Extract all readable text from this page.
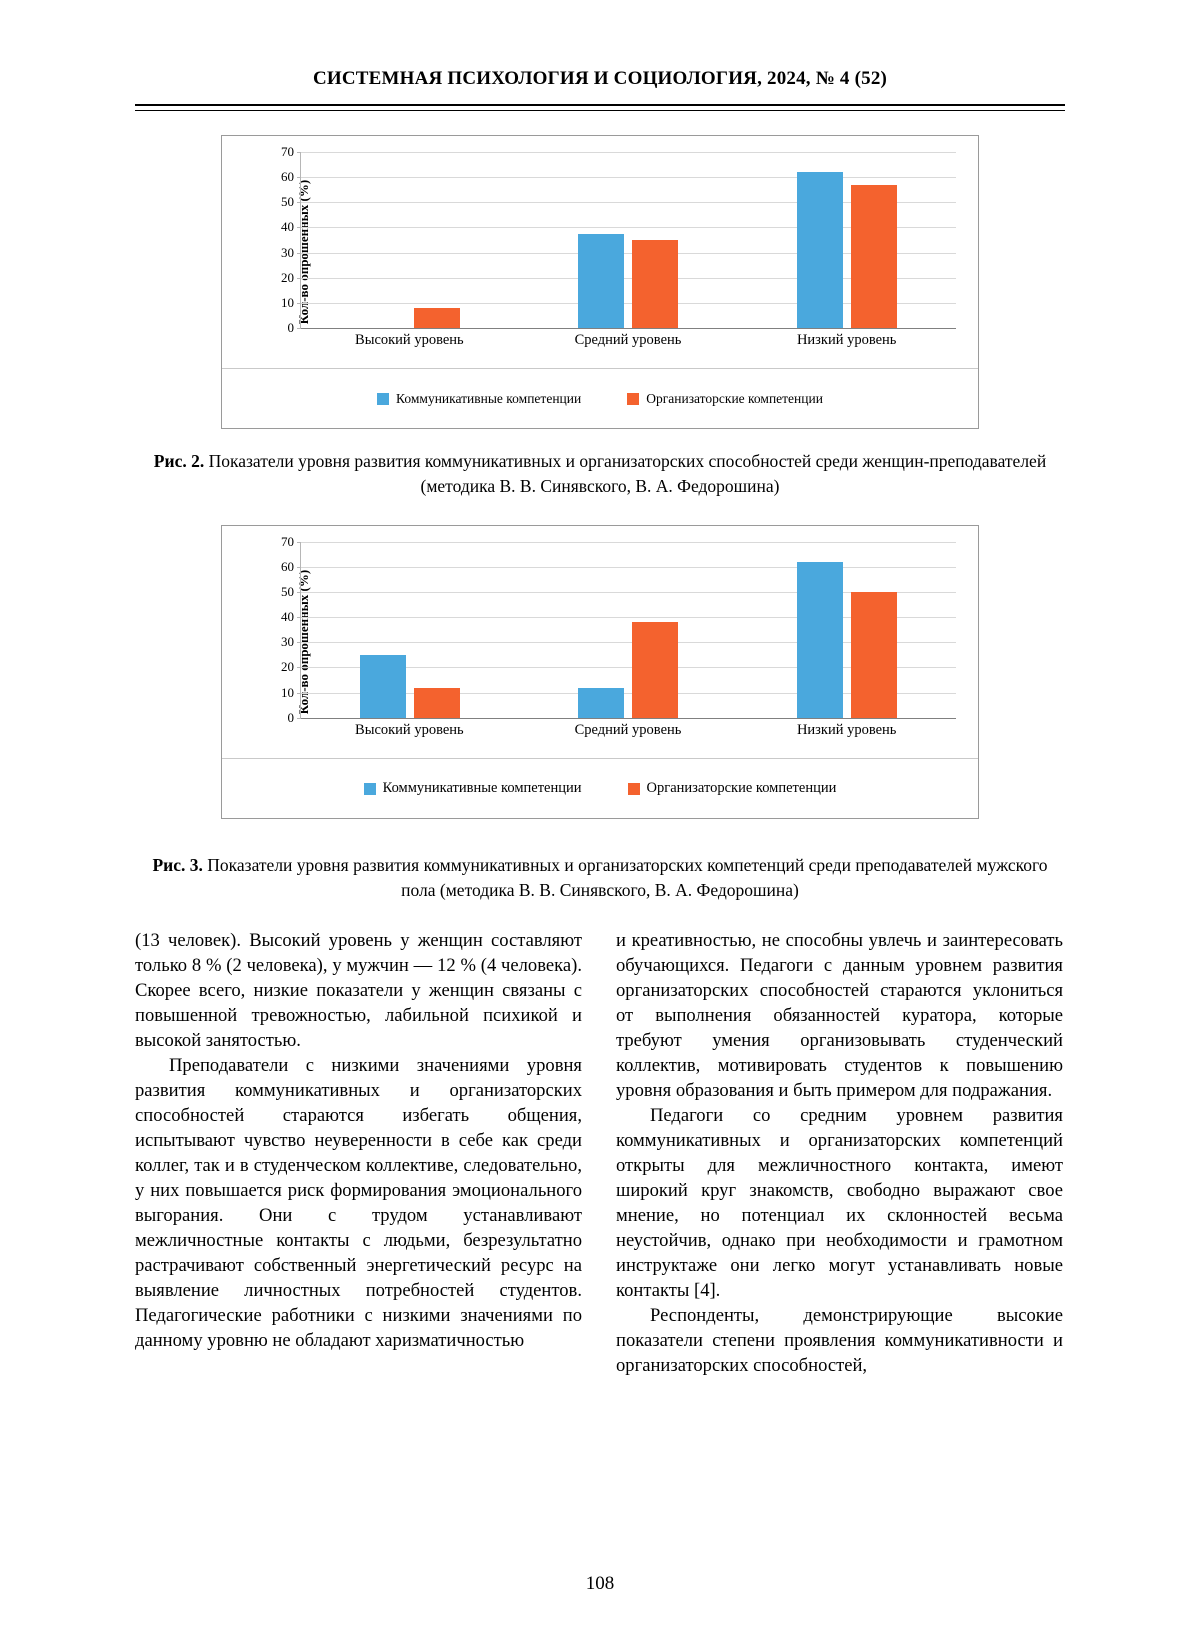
СИСТЕМНАЯ ПСИХОЛОГИЯ И СОЦИОЛОГИЯ, 2024, № 4 (52)
Кол-во опрошенных (%)
0
10
20
30
40
50
60
70
Высокий уровень	Средний уровень	Низкий уровень
Коммуникативные компетенции	Организаторские компетенции
Рис. 2. Показатели уровня развития коммуникативных и организаторских способностей среди женщин-преподавателей (методика В. В. Синявского, В. А. Федорошина)
Кол-во опрошенных (%)
0
10
20
30
40
50
60
70
Высокий уровень	Средний уровень	Низкий уровень
Коммуникативные компетенции	Организаторские компетенции
Рис. 3. Показатели уровня развития коммуникативных и организаторских компетенций среди преподавателей мужского пола (методика В. В. Синявского, В. А. Федорошина)

(13 человек). Высокий уровень у женщин составляют только 8 % (2 человека), у мужчин — 12 % (4 человека). Скорее всего, низкие показатели у женщин связаны с повышенной тревожностью, лабильной психикой и высокой занятостью.

Преподаватели с низкими значениями уровня развития коммуникативных и организаторских способностей стараются избегать общения, испытывают чувство неуверенности в себе как среди коллег, так и в студенческом коллективе, следовательно, у них повышается риск формирования эмоционального выгорания. Они с трудом устанавливают межличностные контакты с людьми, безрезультатно растрачивают собственный энергетический ресурс на выявление личностных потребностей студентов. Педагогические работники с низкими значениями по данному уровню не обладают харизматичностью

и креативностью, не способны увлечь и заинтересовать обучающихся. Педагоги с данным уровнем развития организаторских способностей стараются уклониться от выполнения обязанностей куратора, которые требуют умения организовывать студенческий коллектив, мотивировать студентов к повышению уровня образования и быть примером для подражания.

Педагоги со средним уровнем развития коммуникативных и организаторских компетенций открыты для межличностного контакта, имеют широкий круг знакомств, свободно выражают свое мнение, но потенциал их склонностей весьма неустойчив, однако при необходимости и грамотном инструктаже они легко могут устанавливать новые контакты [4].

Респонденты, демонстрирующие высокие показатели степени проявления коммуникативности и организаторских способностей,

108
